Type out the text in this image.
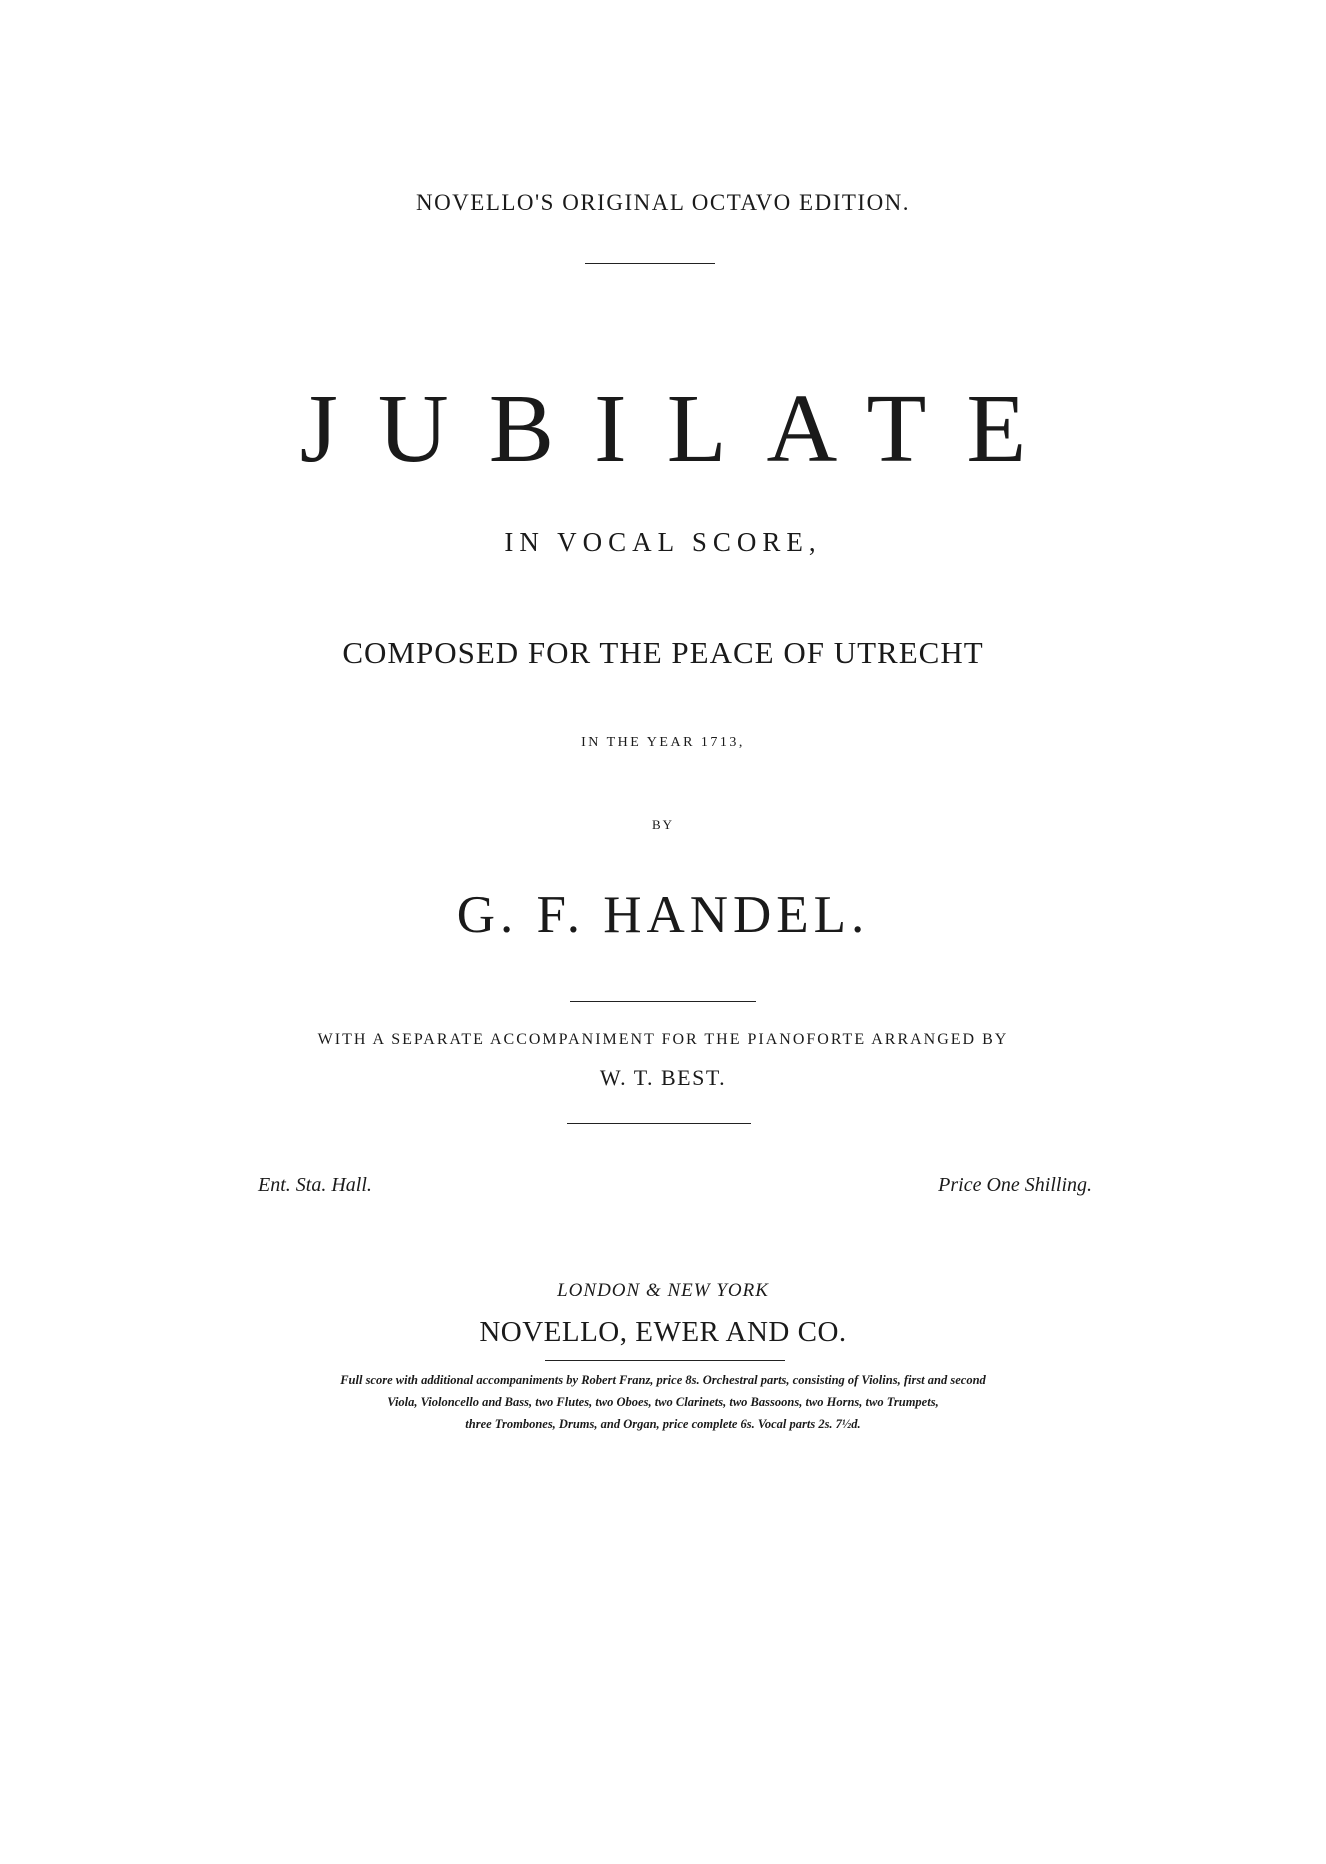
NOVELLO'S ORIGINAL OCTAVO EDITION.
JUBILATE
IN VOCAL SCORE,
COMPOSED FOR THE PEACE OF UTRECHT
IN THE YEAR 1713,
BY
G. F. HANDEL.
WITH A SEPARATE ACCOMPANIMENT FOR THE PIANOFORTE ARRANGED BY
W. T. BEST.
Ent. Sta. Hall.	Price One Shilling.
LONDON & NEW YORK
NOVELLO, EWER AND CO.
Full score with additional accompaniments by Robert Franz, price 8s. Orchestral parts, consisting of Violins, first and second
Viola, Violoncello and Bass, two Flutes, two Oboes, two Clarinets, two Bassoons, two Horns, two Trumpets,
three Trombones, Drums, and Organ, price complete 6s. Vocal parts 2s. 7½d.
